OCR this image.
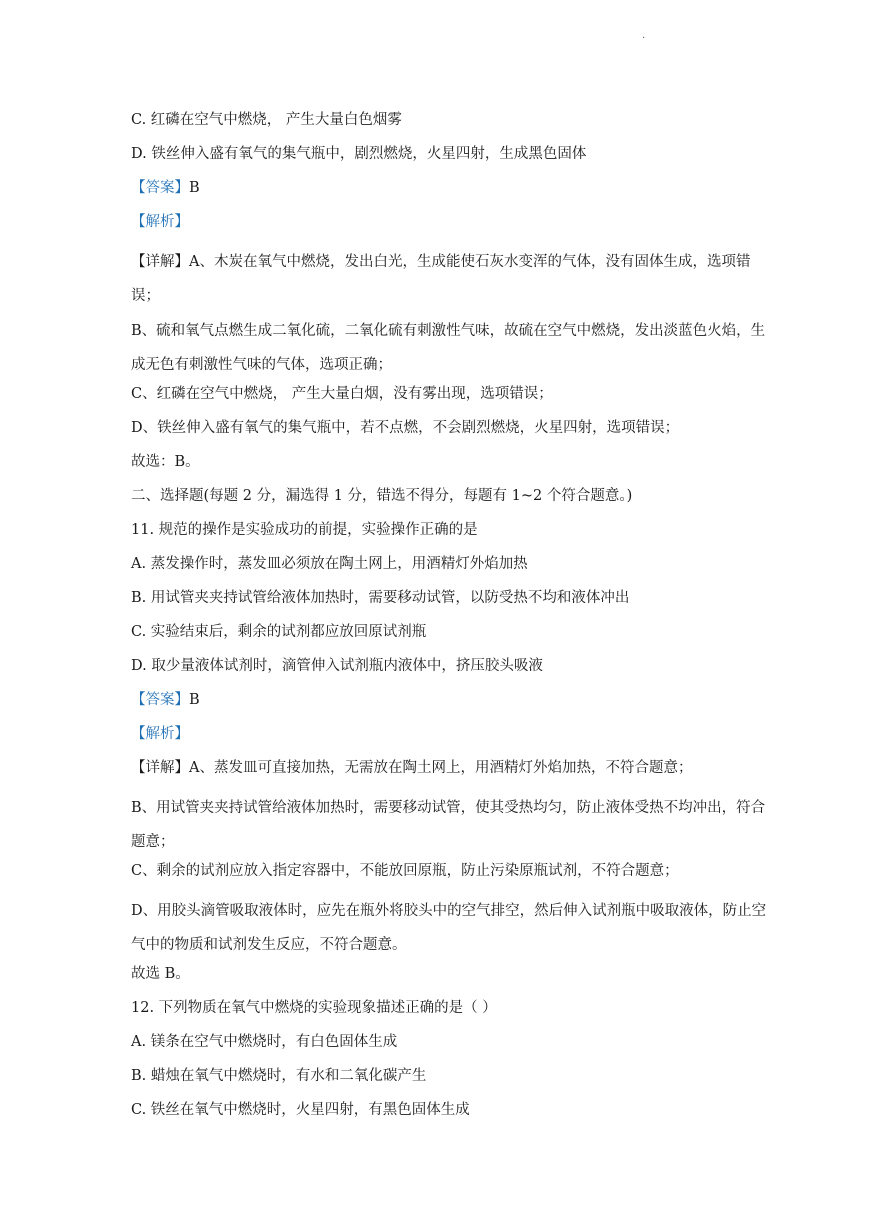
.
C. 红磷在空气中燃烧， 产生大量白色烟雾
D. 铁丝伸入盛有氧气的集气瓶中，剧烈燃烧，火星四射，生成黑色固体
【答案】B
【解析】
【详解】A、木炭在氧气中燃烧，发出白光，生成能使石灰水变浑的气体，没有固体生成，选项错误；
B、硫和氧气点燃生成二氧化硫，二氧化硫有刺激性气味，故硫在空气中燃烧，发出淡蓝色火焰，生成无色有刺激性气味的气体，选项正确；
C、红磷在空气中燃烧， 产生大量白烟，没有雾出现，选项错误；
D、铁丝伸入盛有氧气的集气瓶中，若不点燃，不会剧烈燃烧，火星四射，选项错误；
故选：B。
二、选择题(每题 2 分，漏选得 1 分，错选不得分，每题有 1~2 个符合题意。)
11. 规范的操作是实验成功的前提，实验操作正确的是
A. 蒸发操作时，蒸发皿必须放在陶土网上，用酒精灯外焰加热
B. 用试管夹夹持试管给液体加热时，需要移动试管，以防受热不均和液体冲出
C. 实验结束后，剩余的试剂都应放回原试剂瓶
D. 取少量液体试剂时，滴管伸入试剂瓶内液体中，挤压胶头吸液
【答案】B
【解析】
【详解】A、蒸发皿可直接加热，无需放在陶土网上，用酒精灯外焰加热，不符合题意；
B、用试管夹夹持试管给液体加热时，需要移动试管，使其受热均匀，防止液体受热不均冲出，符合题意；
C、剩余的试剂应放入指定容器中，不能放回原瓶，防止污染原瓶试剂，不符合题意；
D、用胶头滴管吸取液体时，应先在瓶外将胶头中的空气排空，然后伸入试剂瓶中吸取液体，防止空气中的物质和试剂发生反应，不符合题意。
故选 B。
12. 下列物质在氧气中燃烧的实验现象描述正确的是（ ）
A. 镁条在空气中燃烧时，有白色固体生成
B. 蜡烛在氧气中燃烧时，有水和二氧化碳产生
C. 铁丝在氧气中燃烧时，火星四射，有黑色固体生成
